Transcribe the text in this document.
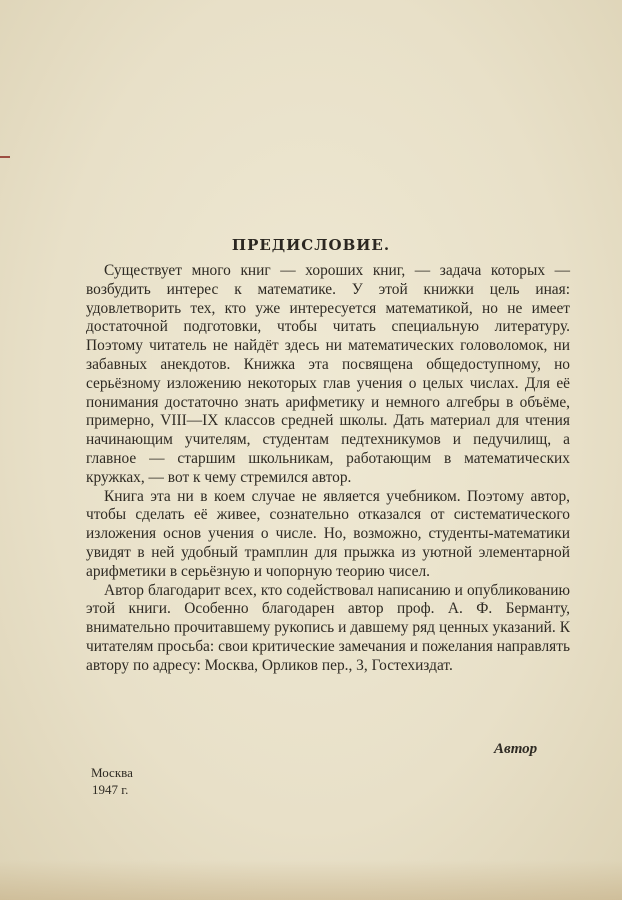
ПРЕДИСЛОВИЕ.

Существует много книг — хороших книг, — задача которых — возбудить интерес к математике. У этой книжки цель иная: удовлетворить тех, кто уже интересуется математикой, но не имеет достаточной подготовки, чтобы читать специальную литературу. Поэтому читатель не найдёт здесь ни математических головоломок, ни забавных анекдотов. Книжка эта посвящена общедоступному, но серьёзному изложению некоторых глав учения о целых числах. Для её понимания достаточно знать арифметику и немного алгебры в объёме, примерно, VIII—IX классов средней школы. Дать материал для чтения начинающим учителям, студентам педтехникумов и педучилищ, а главное — старшим школьникам, работающим в математических кружках, — вот к чему стремился автор.

Книга эта ни в коем случае не является учебником. Поэтому автор, чтобы сделать её живее, сознательно отказался от систематического изложения основ учения о числе. Но, возможно, студенты-математики увидят в ней удобный трамплин для прыжка из уютной элементарной арифметики в серьёзную и чопорную теорию чисел.

Автор благодарит всех, кто содействовал написанию и опубликованию этой книги. Особенно благодарен автор проф. А. Ф. Берманту, внимательно прочитавшему рукопись и давшему ряд ценных указаний. К читателям просьба: свои критические замечания и пожелания направлять автору по адресу: Москва, Орликов пер., 3, Гостехиздат.

Автор
Москва
1947 г.
